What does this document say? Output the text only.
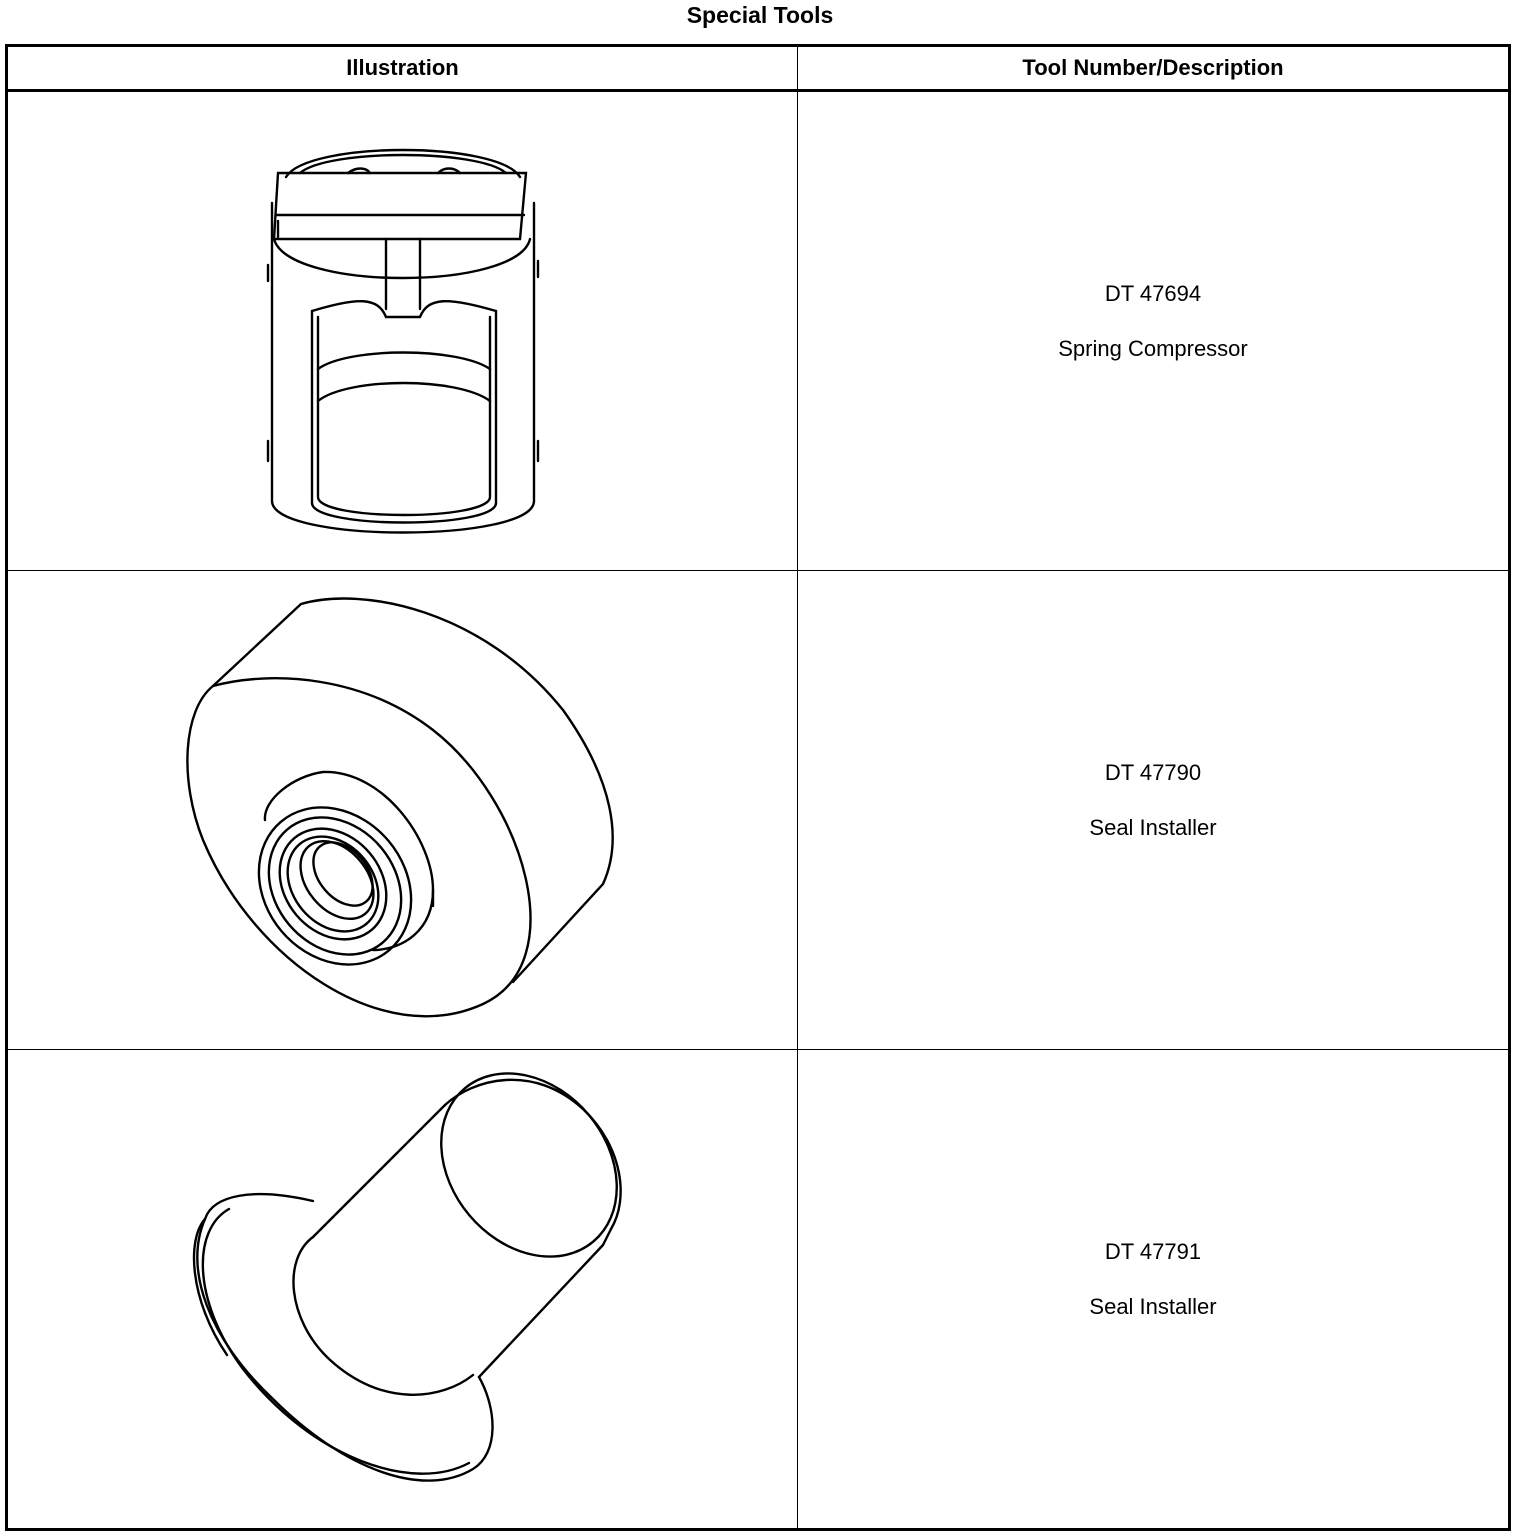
Special Tools
Illustration	Tool Number/Description

DT 47694
Spring Compressor

DT 47790
Seal Installer

DT 47791
Seal Installer
